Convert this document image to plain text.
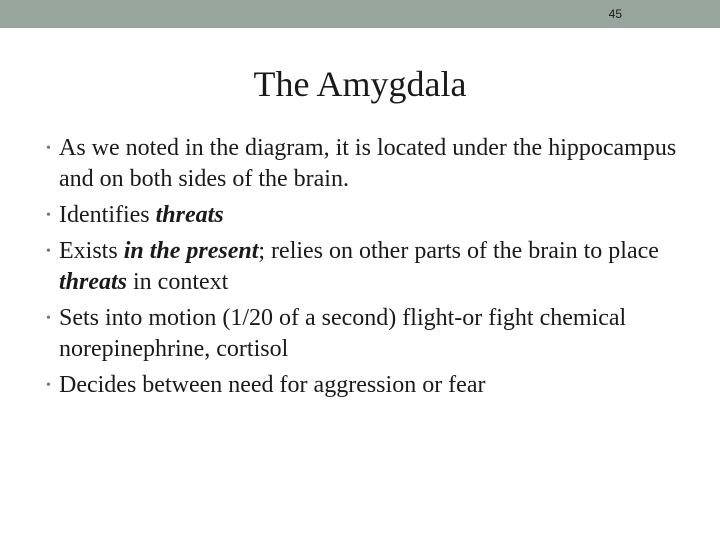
45
The Amygdala
• As we noted in the diagram, it is located under the hippocampus and on both sides of the brain.
• Identifies threats
• Exists in the present; relies on other parts of the brain to place threats in context
• Sets into motion (1/20 of a second) flight-or fight chemical norepinephrine, cortisol
• Decides between need for aggression or fear
